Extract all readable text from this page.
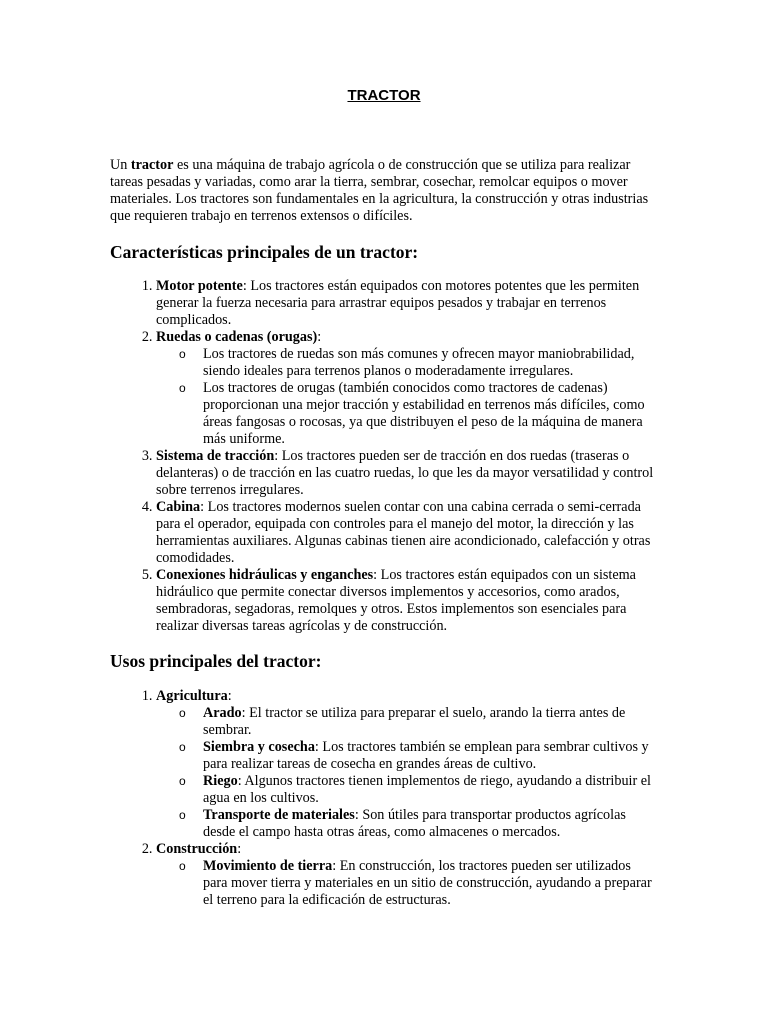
TRACTOR

Un tractor es una máquina de trabajo agrícola o de construcción que se utiliza para realizar tareas pesadas y variadas, como arar la tierra, sembrar, cosechar, remolcar equipos o mover materiales. Los tractores son fundamentales en la agricultura, la construcción y otras industrias que requieren trabajo en terrenos extensos o difíciles.

Características principales de un tractor:
1. Motor potente: Los tractores están equipados con motores potentes que les permiten generar la fuerza necesaria para arrastrar equipos pesados y trabajar en terrenos complicados.
2. Ruedas o cadenas (orugas):
o Los tractores de ruedas son más comunes y ofrecen mayor maniobrabilidad, siendo ideales para terrenos planos o moderadamente irregulares.
o Los tractores de orugas (también conocidos como tractores de cadenas) proporcionan una mejor tracción y estabilidad en terrenos más difíciles, como áreas fangosas o rocosas, ya que distribuyen el peso de la máquina de manera más uniforme.
3. Sistema de tracción: Los tractores pueden ser de tracción en dos ruedas (traseras o delanteras) o de tracción en las cuatro ruedas, lo que les da mayor versatilidad y control sobre terrenos irregulares.
4. Cabina: Los tractores modernos suelen contar con una cabina cerrada o semi-cerrada para el operador, equipada con controles para el manejo del motor, la dirección y las herramientas auxiliares. Algunas cabinas tienen aire acondicionado, calefacción y otras comodidades.
5. Conexiones hidráulicas y enganches: Los tractores están equipados con un sistema hidráulico que permite conectar diversos implementos y accesorios, como arados, sembradoras, segadoras, remolques y otros. Estos implementos son esenciales para realizar diversas tareas agrícolas y de construcción.
Usos principales del tractor:
1. Agricultura:
o Arado: El tractor se utiliza para preparar el suelo, arando la tierra antes de sembrar.
o Siembra y cosecha: Los tractores también se emplean para sembrar cultivos y para realizar tareas de cosecha en grandes áreas de cultivo.
o Riego: Algunos tractores tienen implementos de riego, ayudando a distribuir el agua en los cultivos.
o Transporte de materiales: Son útiles para transportar productos agrícolas desde el campo hasta otras áreas, como almacenes o mercados.
2. Construcción:
o Movimiento de tierra: En construcción, los tractores pueden ser utilizados para mover tierra y materiales en un sitio de construcción, ayudando a preparar el terreno para la edificación de estructuras.
